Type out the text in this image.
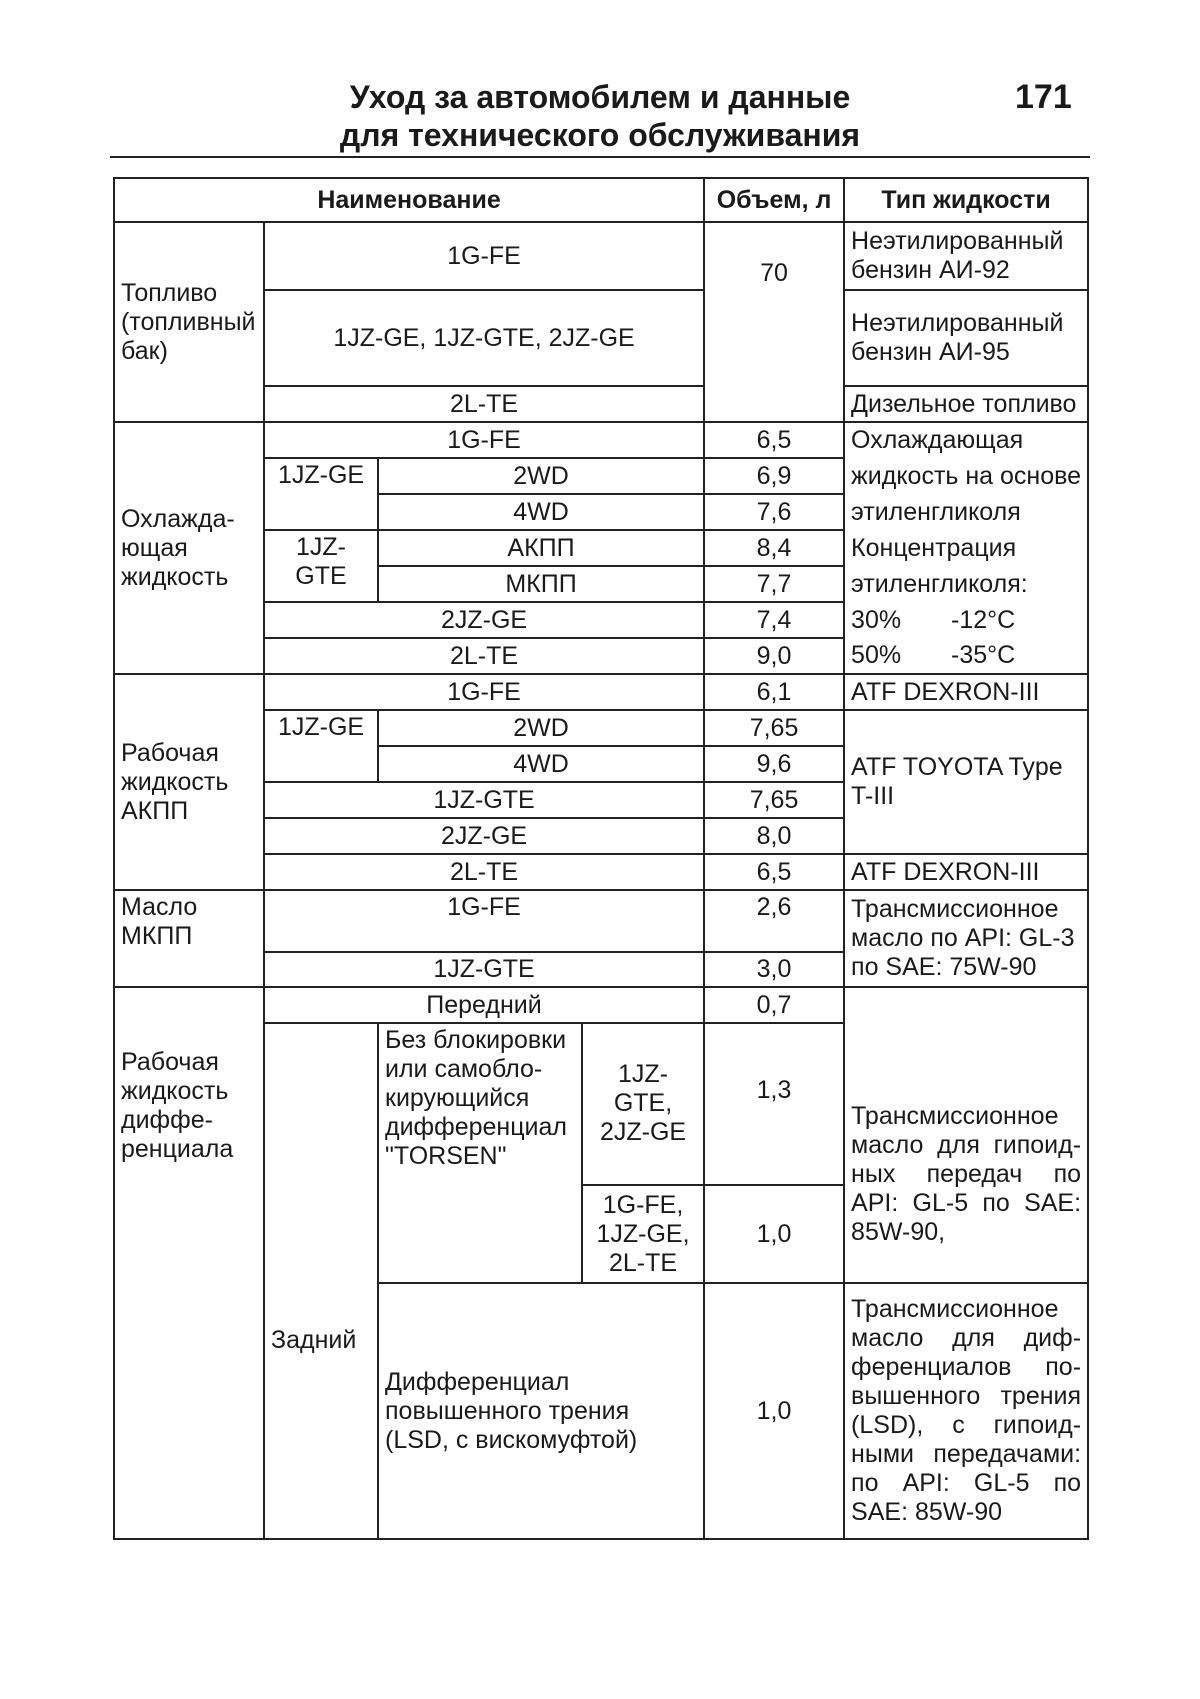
Уход за автомобилем и данные
для технического обслуживания
171
Наименование				Объем, л	Тип жидкости
Топливо (топливный бак)	1G-FE			70	Неэтилированный бензин АИ-92
	1JZ-GE, 1JZ-GTE, 2JZ-GE				Неэтилированный бензин АИ-95
	2L-TE				Дизельное топливо
Охлажда-ющая жидкость	1G-FE			6,5	Охлаждающая
	1JZ-GE	2WD		6,9	жидкость на основе
		4WD		7,6	этиленгликоля
	1JZ-GTE	АКПП		8,4	Концентрация
		МКПП		7,7	этиленгликоля:
	2JZ-GE			7,4	30% -12°C
	2L-TE			9,0	50% -35°C
Рабочая жидкость АКПП	1G-FE			6,1	ATF DEXRON-III
	1JZ-GE	2WD		7,65	ATF TOYOTA Type T-III
		4WD		9,6	
	1JZ-GTE			7,65	
	2JZ-GE			8,0	
	2L-TE			6,5	ATF DEXRON-III
Масло МКПП	1G-FE			2,6	Трансмиссионное масло по API: GL-3 по SAE: 75W-90
	1JZ-GTE			3,0	
Рабочая жидкость диффе-ренциала	Передний			0,7	Трансмиссионное масло для гипоид-ных передач по API: GL-5 по SAE: 85W-90,
	Задний	Без блокировки или самобло-кирующийся дифференциал "TORSEN"	1JZ-GTE, 2JZ-GE	1,3	
			1G-FE, 1JZ-GE, 2L-TE	1,0	
		Дифференциал повышенного трения (LSD, с вискомуфтой)		1,0	Трансмиссионное масло для диф-ференциалов по-вышенного трения (LSD), с гипоид-ными передачами: по API: GL-5 по SAE: 85W-90
